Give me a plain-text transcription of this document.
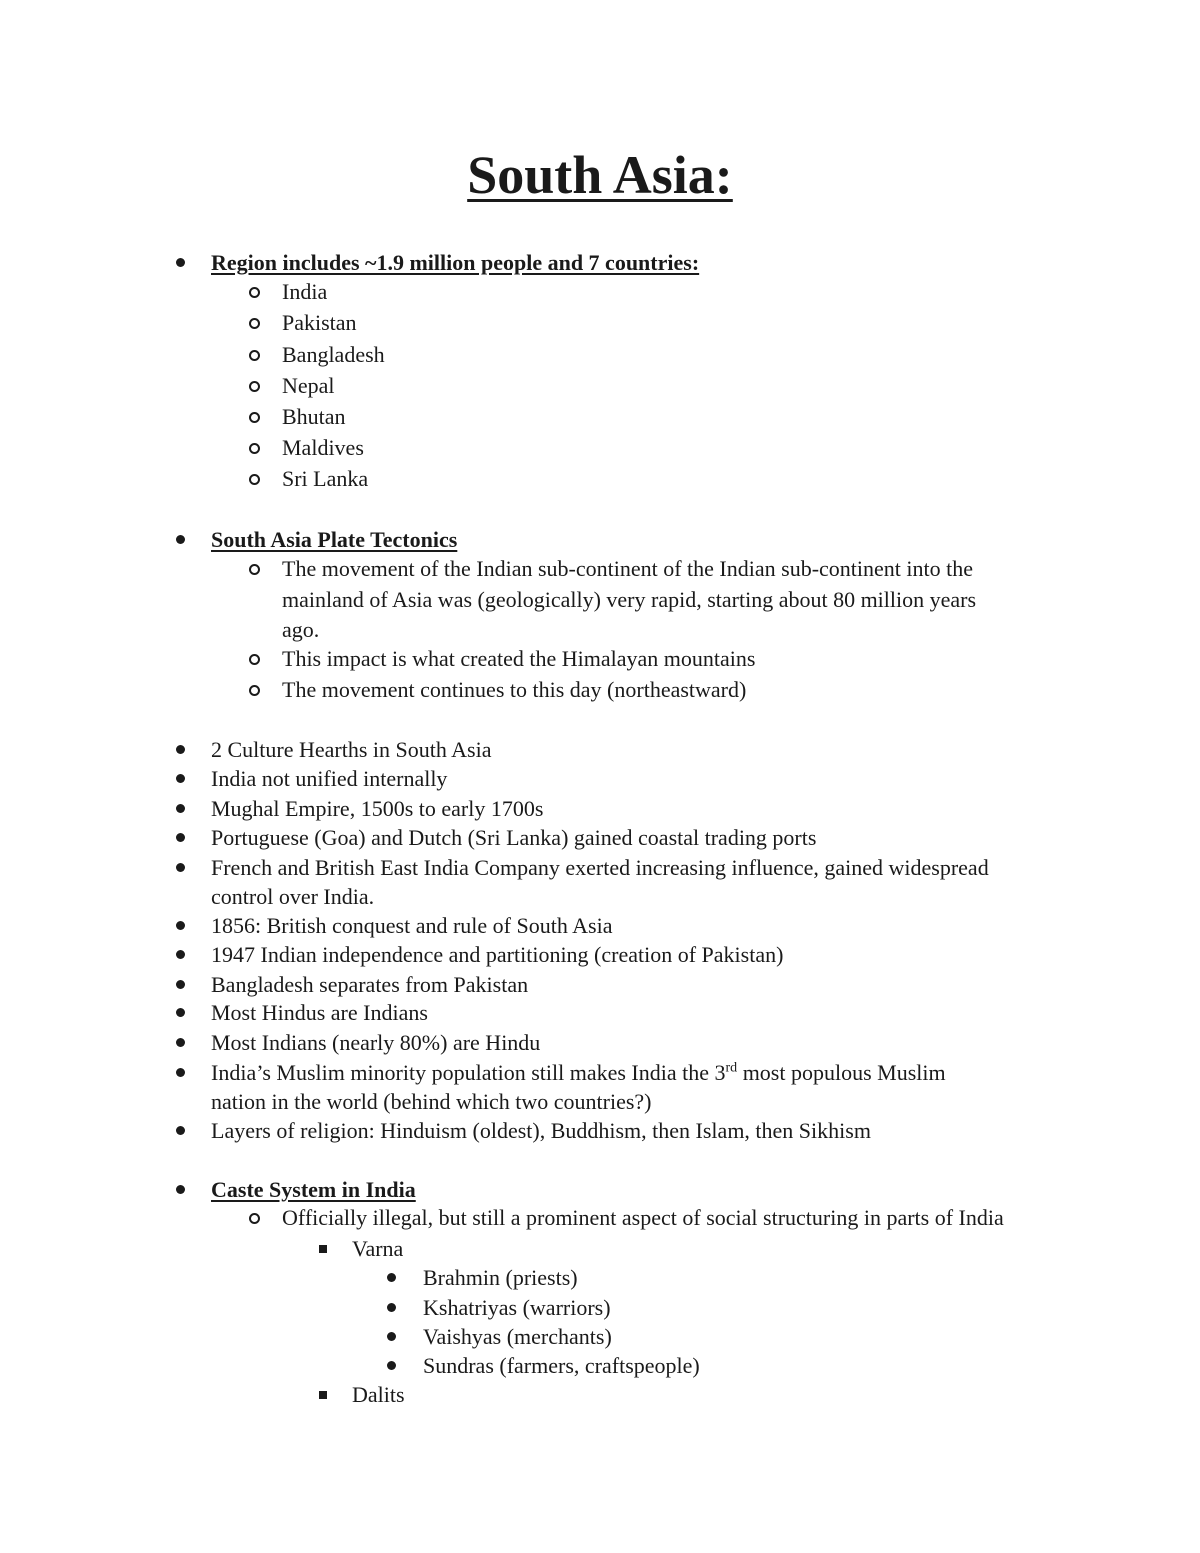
South Asia:
Region includes ~1.9 million people and 7 countries:
India
Pakistan
Bangladesh
Nepal
Bhutan
Maldives
Sri Lanka
South Asia Plate Tectonics
The movement of the Indian sub-continent of the Indian sub-continent into the
mainland of Asia was (geologically) very rapid, starting about 80 million years
ago.
This impact is what created the Himalayan mountains
The movement continues to this day (northeastward)
2 Culture Hearths in South Asia
India not unified internally
Mughal Empire, 1500s to early 1700s
Portuguese (Goa) and Dutch (Sri Lanka) gained coastal trading ports
French and British East India Company exerted increasing influence, gained widespread
control over India.
1856: British conquest and rule of South Asia
1947 Indian independence and partitioning (creation of Pakistan)
Bangladesh separates from Pakistan
Most Hindus are Indians
Most Indians (nearly 80%) are Hindu
India’s Muslim minority population still makes India the 3rd most populous Muslim
nation in the world (behind which two countries?)
Layers of religion: Hinduism (oldest), Buddhism, then Islam, then Sikhism
Caste System in India
Officially illegal, but still a prominent aspect of social structuring in parts of India
Varna
Brahmin (priests)
Kshatriyas (warriors)
Vaishyas (merchants)
Sundras (farmers, craftspeople)
Dalits
